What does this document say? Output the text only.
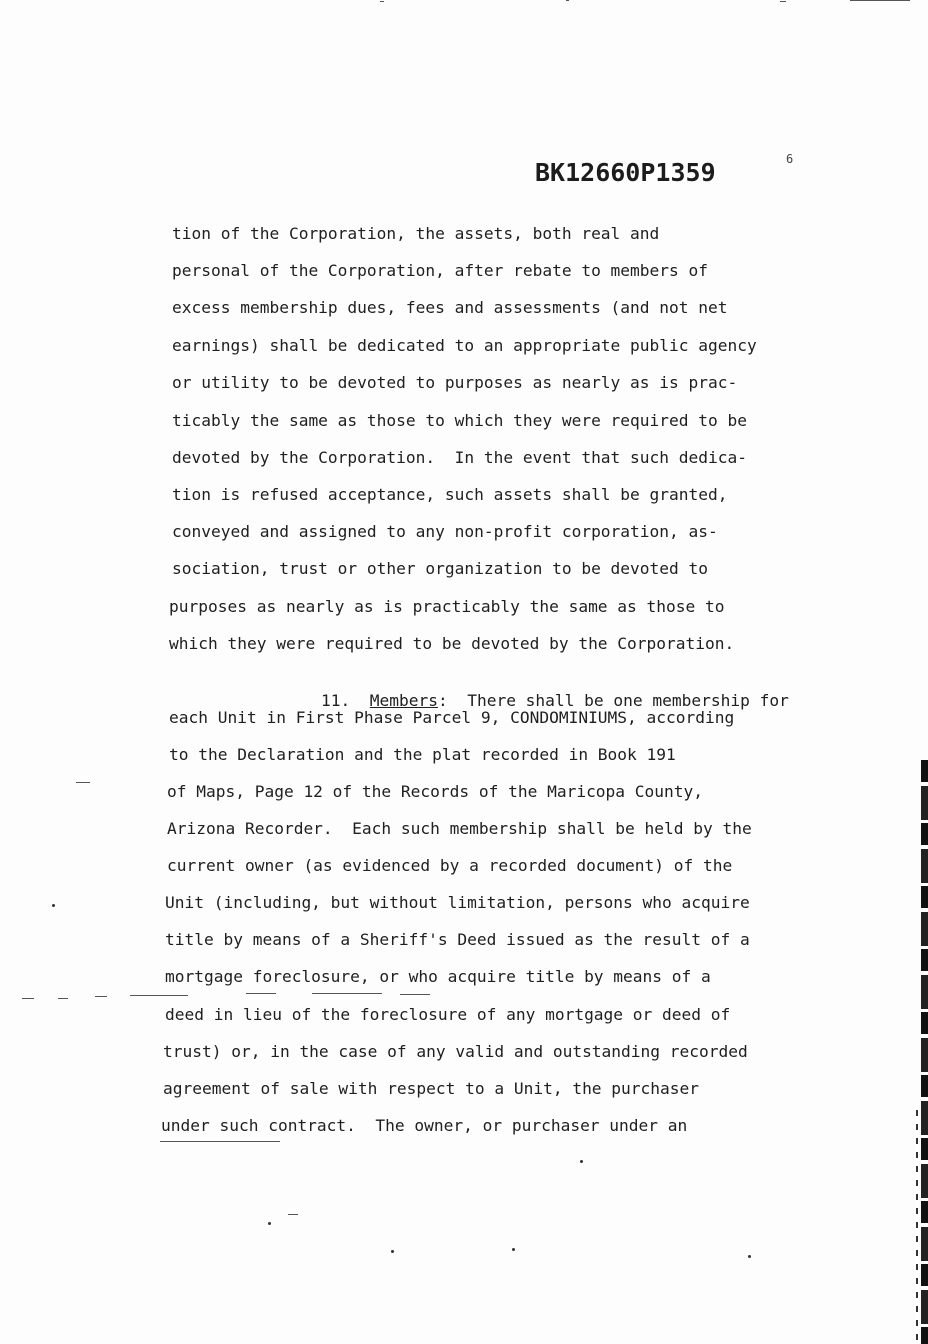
BK12660P1359	6
tion of the Corporation, the assets, both real and
personal of the Corporation, after rebate to members of
excess membership dues, fees and assessments (and not net
earnings) shall be dedicated to an appropriate public agency
or utility to be devoted to purposes as nearly as is prac-
ticably the same as those to which they were required to be
devoted by the Corporation.  In the event that such dedica-
tion is refused acceptance, such assets shall be granted,
conveyed and assigned to any non-profit corporation, as-
sociation, trust or other organization to be devoted to
purposes as nearly as is practicably the same as those to
which they were required to be devoted by the Corporation.

11. Members:  There shall be one membership for

each Unit in First Phase Parcel 9, CONDOMINIUMS, according
to the Declaration and the plat recorded in Book 191
of Maps, Page 12 of the Records of the Maricopa County,
Arizona Recorder.  Each such membership shall be held by the
current owner (as evidenced by a recorded document) of the
Unit (including, but without limitation, persons who acquire
title by means of a Sheriff's Deed issued as the result of a
mortgage foreclosure, or who acquire title by means of a
deed in lieu of the foreclosure of any mortgage or deed of
trust) or, in the case of any valid and outstanding recorded
agreement of sale with respect to a Unit, the purchaser
under such contract.  The owner, or purchaser under an
